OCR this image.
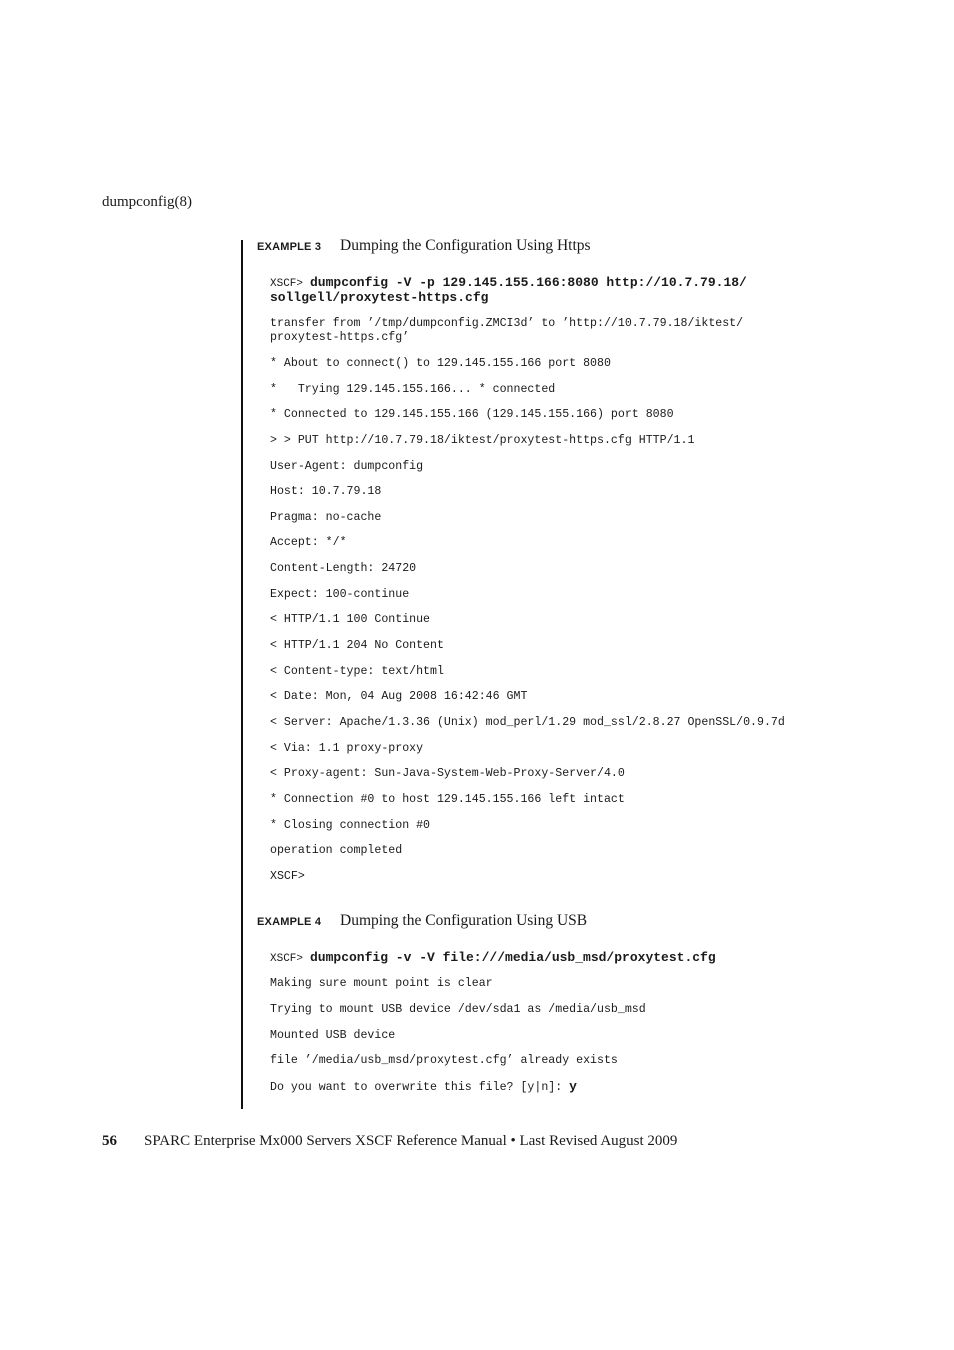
dumpconfig(8)
EXAMPLE 3 Dumping the Configuration Using Https
XSCF> dumpconfig -V -p 129.145.155.166:8080 http://10.7.79.18/
sollgell/proxytest-https.cfg
transfer from ’/tmp/dumpconfig.ZMCI3d’ to ’http://10.7.79.18/iktest/
proxytest-https.cfg’
* About to connect() to 129.145.155.166 port 8080
*   Trying 129.145.155.166... * connected
* Connected to 129.145.155.166 (129.145.155.166) port 8080
> > PUT http://10.7.79.18/iktest/proxytest-https.cfg HTTP/1.1
User-Agent: dumpconfig
Host: 10.7.79.18
Pragma: no-cache
Accept: */*
Content-Length: 24720
Expect: 100-continue
< HTTP/1.1 100 Continue
< HTTP/1.1 204 No Content
< Content-type: text/html
< Date: Mon, 04 Aug 2008 16:42:46 GMT
< Server: Apache/1.3.36 (Unix) mod_perl/1.29 mod_ssl/2.8.27 OpenSSL/0.9.7d
< Via: 1.1 proxy-proxy
< Proxy-agent: Sun-Java-System-Web-Proxy-Server/4.0
* Connection #0 to host 129.145.155.166 left intact
* Closing connection #0
operation completed
XSCF>
EXAMPLE 4 Dumping the Configuration Using USB
XSCF> dumpconfig -v -V file:///media/usb_msd/proxytest.cfg
Making sure mount point is clear
Trying to mount USB device /dev/sda1 as /media/usb_msd
Mounted USB device
file ’/media/usb_msd/proxytest.cfg’ already exists
Do you want to overwrite this file? [y|n]: y
56 SPARC Enterprise Mx000 Servers XSCF Reference Manual • Last Revised August 2009
